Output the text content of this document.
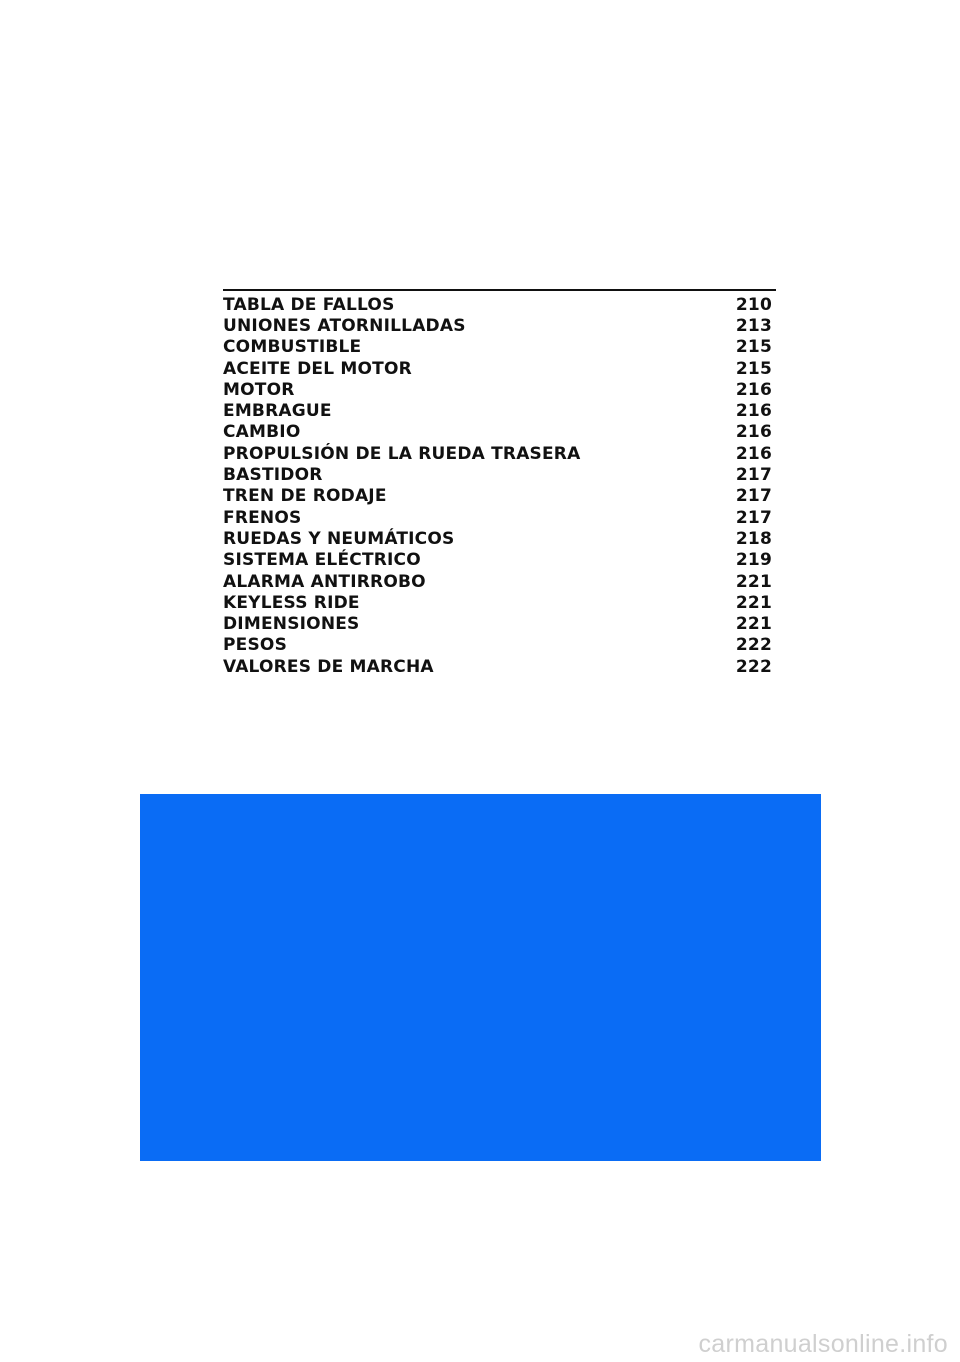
TABLA DE FALLOS	210
UNIONES ATORNILLADAS	213
COMBUSTIBLE	215
ACEITE DEL MOTOR	215
MOTOR	216
EMBRAGUE	216
CAMBIO	216
PROPULSIÓN DE LA RUEDA TRASERA	216
BASTIDOR	217
TREN DE RODAJE	217
FRENOS	217
RUEDAS Y NEUMÁTICOS	218
SISTEMA ELÉCTRICO	219
ALARMA ANTIRROBO	221
KEYLESS RIDE	221
DIMENSIONES	221
PESOS	222
VALORES DE MARCHA	222
carmanualsonline.info
